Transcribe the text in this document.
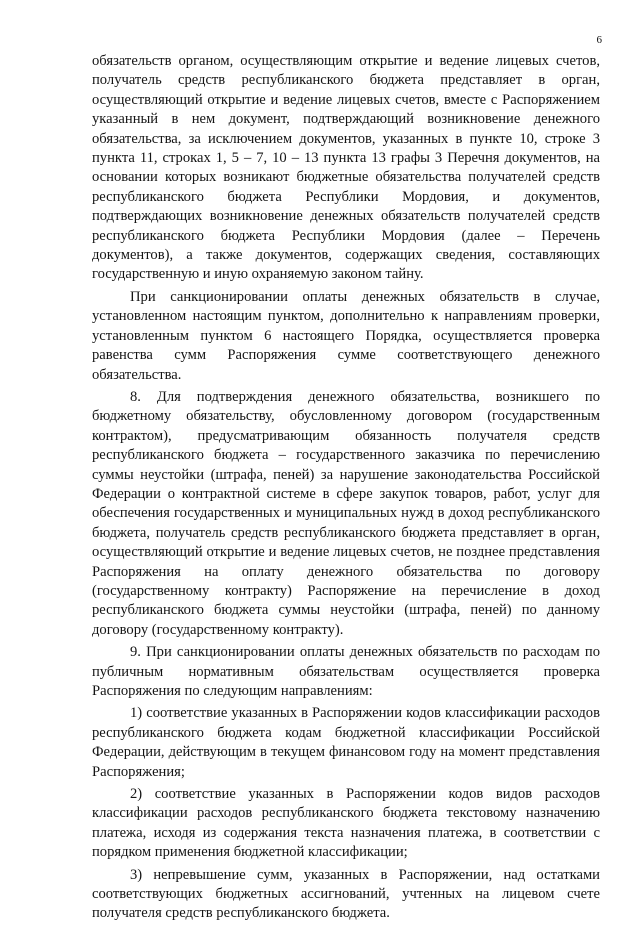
6

обязательств органом, осуществляющим открытие и ведение лицевых счетов, получатель средств республиканского бюджета представляет в орган, осуществляющий открытие и ведение лицевых счетов, вместе с Распоряжением указанный в нем документ, подтверждающий возникновение денежного обязательства, за исключением документов, указанных в пункте 10, строке 3 пункта 11, строках 1, 5 – 7, 10 – 13 пункта 13 графы 3 Перечня документов, на основании которых возникают бюджетные обязательства получателей средств республиканского бюджета Республики Мордовия, и документов, подтверждающих возникновение денежных обязательств получателей средств республиканского бюджета Республики Мордовия (далее – Перечень документов), а также документов, содержащих сведения, составляющих государственную и иную охраняемую законом тайну.

При санкционировании оплаты денежных обязательств в случае, установленном настоящим пунктом, дополнительно к направлениям проверки, установленным пунктом 6 настоящего Порядка, осуществляется проверка равенства сумм Распоряжения сумме соответствующего денежного обязательства.

8. Для подтверждения денежного обязательства, возникшего по бюджетному обязательству, обусловленному договором (государственным контрактом), предусматривающим обязанность получателя средств республиканского бюджета – государственного заказчика по перечислению суммы неустойки (штрафа, пеней) за нарушение законодательства Российской Федерации о контрактной системе в сфере закупок товаров, работ, услуг для обеспечения государственных и муниципальных нужд в доход республиканского бюджета, получатель средств республиканского бюджета представляет в орган, осуществляющий открытие и ведение лицевых счетов, не позднее представления Распоряжения на оплату денежного обязательства по договору (государственному контракту) Распоряжение на перечисление в доход республиканского бюджета суммы неустойки (штрафа, пеней) по данному договору (государственному контракту).

9. При санкционировании оплаты денежных обязательств по расходам по публичным нормативным обязательствам осуществляется проверка Распоряжения по следующим направлениям:

1) соответствие указанных в Распоряжении кодов классификации расходов республиканского бюджета кодам бюджетной классификации Российской Федерации, действующим в текущем финансовом году на момент представления Распоряжения;

2) соответствие указанных в Распоряжении кодов видов расходов классификации расходов республиканского бюджета текстовому назначению платежа, исходя из содержания текста назначения платежа, в соответствии с порядком применения бюджетной классификации;

3) непревышение сумм, указанных в Распоряжении, над остатками соответствующих бюджетных ассигнований, учтенных на лицевом счете получателя средств республиканского бюджета.
